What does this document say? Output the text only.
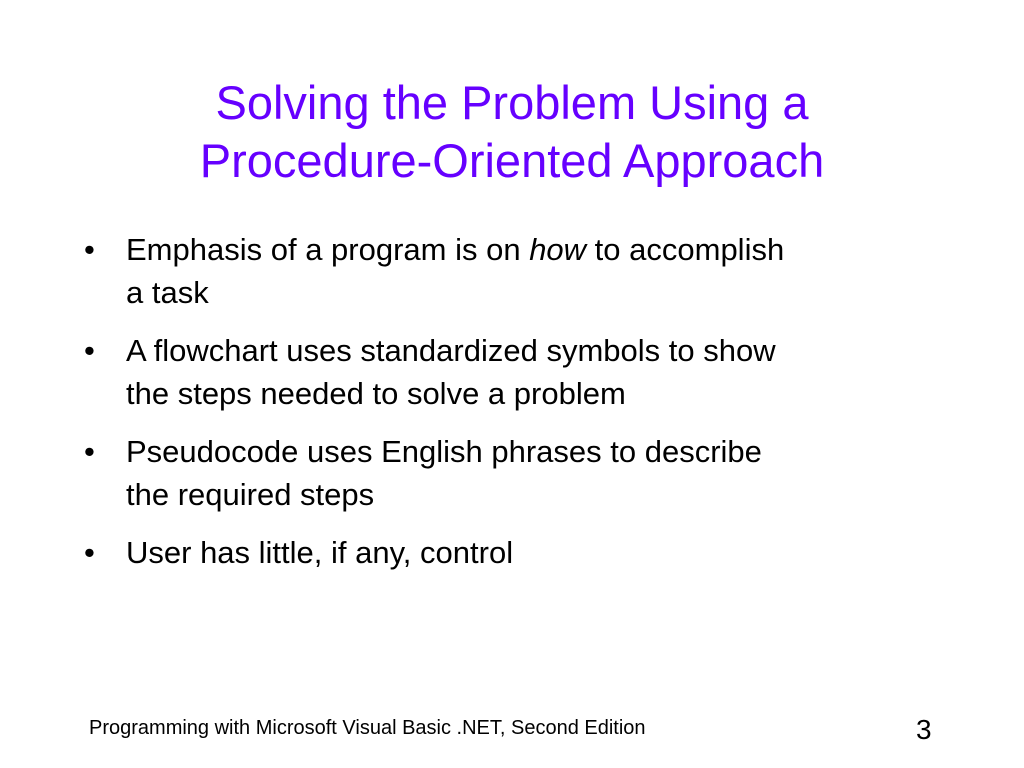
Solving the Problem Using a
Procedure-Oriented Approach
•	Emphasis of a program is on how to accomplish
a task
•	A flowchart uses standardized symbols to show
the steps needed to solve a problem
•	Pseudocode uses English phrases to describe
the required steps
•	User has little, if any, control
Programming with Microsoft Visual Basic .NET, Second Edition	3
